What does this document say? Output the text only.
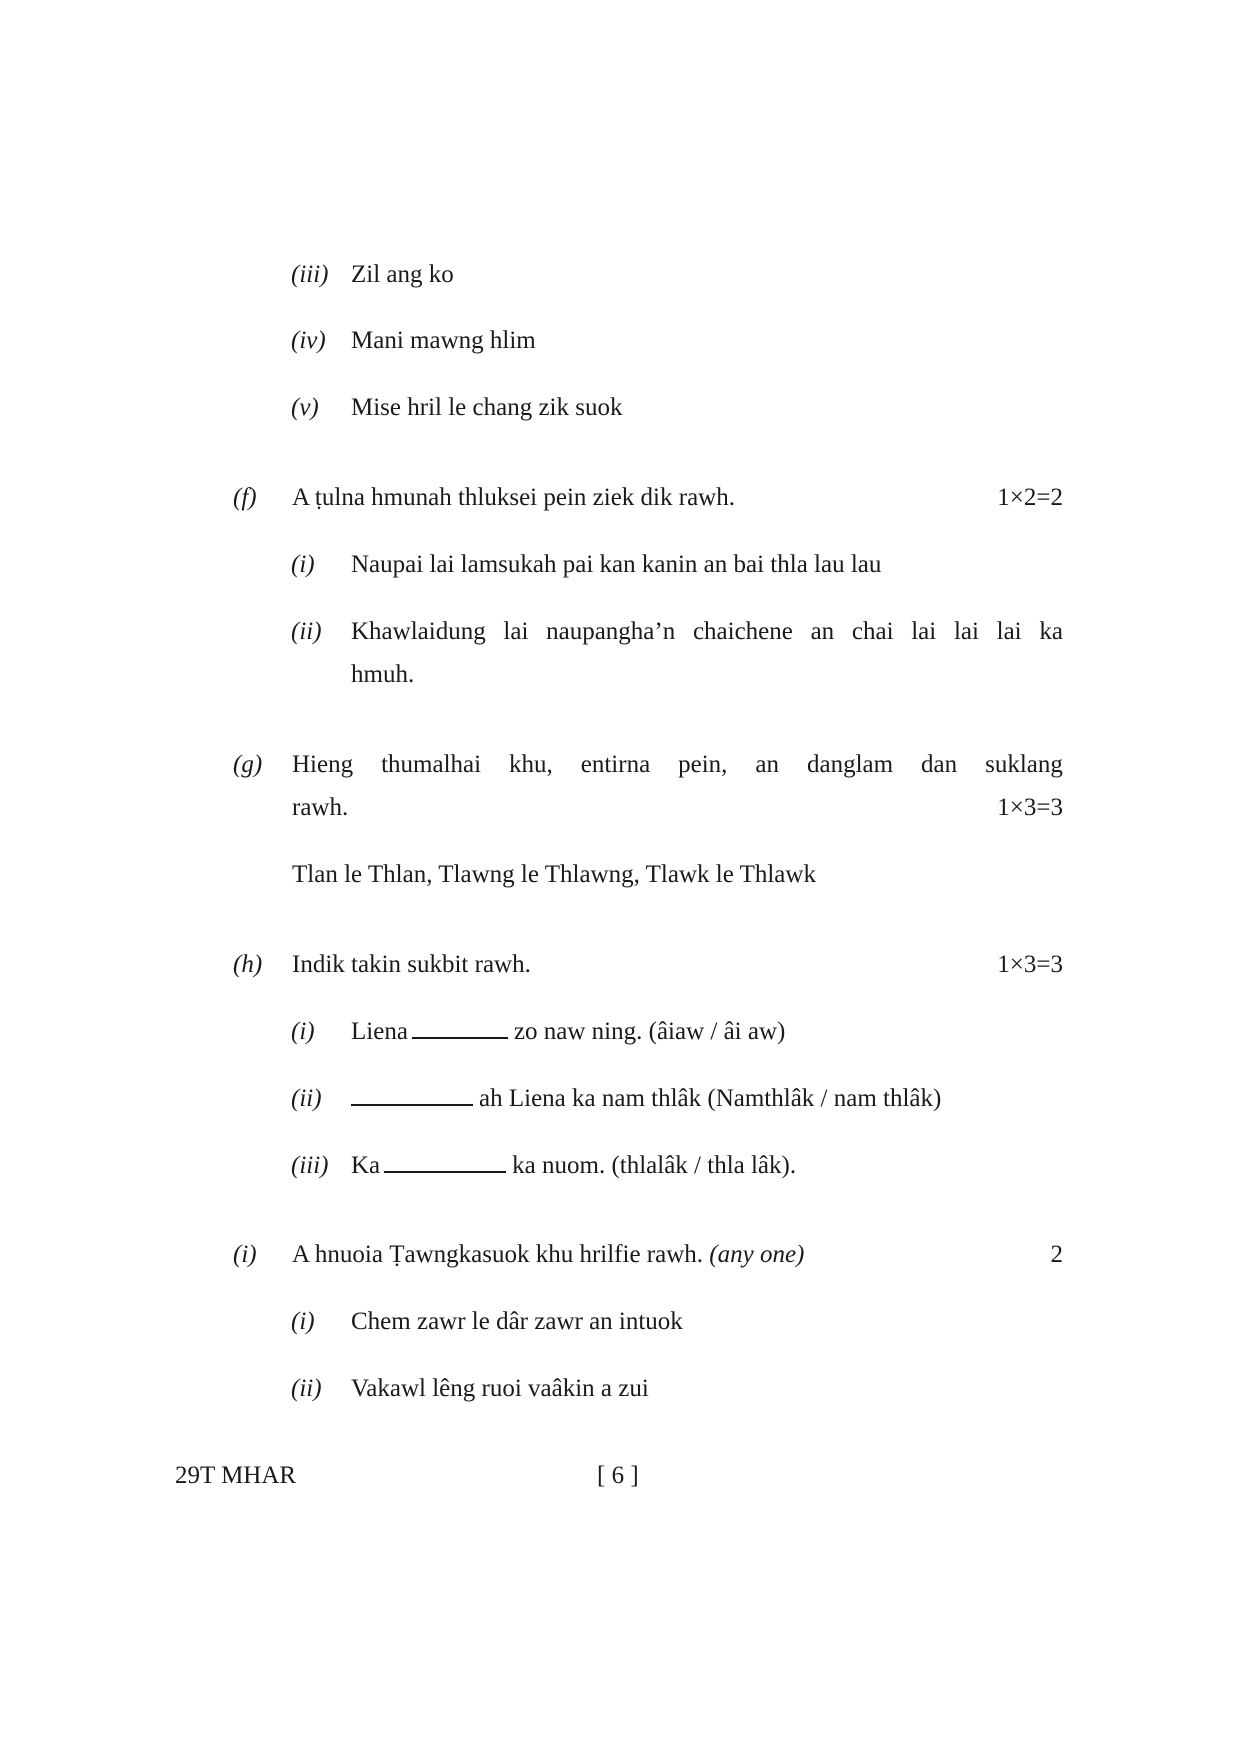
(iii) Zil ang ko
(iv) Mani mawng hlim
(v) Mise hril le chang zik suok
(f) A ṭulna hmunah thluksei pein ziek dik rawh.	1×2=2
(i) Naupai lai lamsukah pai kan kanin an bai thla lau lau
(ii) Khawlaidung lai naupangha’n chaichene an chai lai lai lai ka
hmuh.
(g) Hieng thumalhai khu, entirna pein, an danglam dan suklang
rawh.	1×3=3
Tlan le Thlan, Tlawng le Thlawng, Tlawk le Thlawk
(h) Indik takin sukbit rawh.	1×3=3
(i) Liena	zo naw ning. (âiaw / âi aw)
(ii)	ah Liena ka nam thlâk (Namthlâk / nam thlâk)
(iii) Ka	ka nuom. (thlalâk / thla lâk).
(i) A hnuoia Ṭawngkasuok khu hrilfie rawh. (any one)	2
(i) Chem zawr le dâr zawr an intuok
(ii) Vakawl lêng ruoi vaâkin a zui
29T MHAR	[ 6 ]
